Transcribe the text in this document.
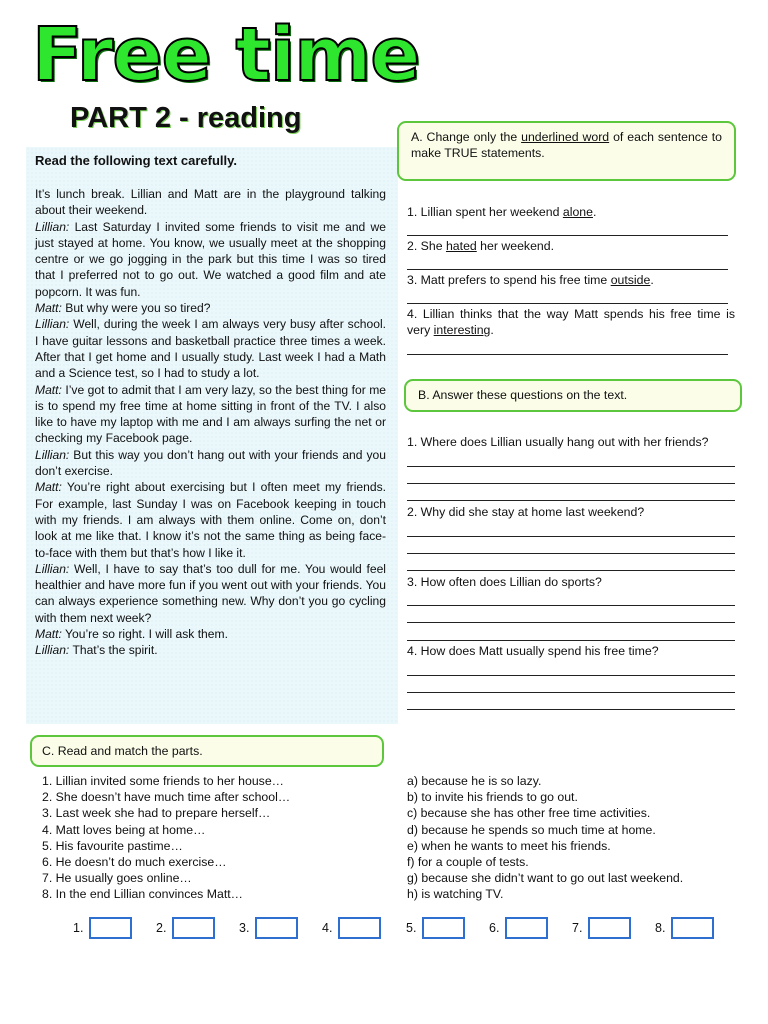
Free time
PART 2 - reading
Read the following text carefully.

It’s lunch break. Lillian and Matt are in the playground talking about their weekend.

Lillian: Last Saturday I invited some friends to visit me and we just stayed at home. You know, we usually meet at the shopping centre or we go jogging in the park but this time I was so tired that I preferred not to go out. We watched a good film and ate popcorn. It was fun.

Matt: But why were you so tired?

Lillian: Well, during the week I am always very busy after school. I have guitar lessons and basketball practice three times a week. After that I get home and I usually study. Last week I had a Math and a Science test, so I had to study a lot.

Matt: I’ve got to admit that I am very lazy, so the best thing for me is to spend my free time at home sitting in front of the TV. I also like to have my laptop with me and I am always surfing the net or checking my Facebook page.

Lillian: But this way you don’t hang out with your friends and you don’t exercise.

Matt: You’re right about exercising but I often meet my friends. For example, last Sunday I was on Facebook keeping in touch with my friends. I am always with them online. Come on, don’t look at me like that. I know it’s not the same thing as being face-to-face with them but that’s how I like it.

Lillian: Well, I have to say that’s too dull for me. You would feel healthier and have more fun if you went out with your friends. You can always experience something new. Why don’t you go cycling with them next week?

Matt: You’re so right. I will ask them.

Lillian: That’s the spirit.

A. Change only the underlined word of each sentence to make TRUE statements.
1. Lillian spent her weekend alone.
2. She hated her weekend.
3. Matt prefers to spend his free time outside.
4. Lillian thinks that the way Matt spends his free time is very interesting.
B. Answer these questions on the text.
1. Where does Lillian usually hang out with her friends?
2. Why did she stay at home last weekend?
3. How often does Lillian do sports?
4. How does Matt usually spend his free time?
C. Read and match the parts.
1. Lillian invited some friends to her house…
2. She doesn’t have much time after school…
3. Last week she had to prepare herself…
4. Matt loves being at home…
5. His favourite pastime…
6. He doesn’t do much exercise…
7. He usually goes online…
8. In the end Lillian convinces Matt…
a) because he is so lazy.
b) to invite his friends to go out.
c) because she has other free time activities.
d) because he spends so much time at home.
e) when he wants to meet his friends.
f) for a couple of tests.
g) because she didn’t want to go out last weekend.
h) is watching TV.
1.	2.	3.	4.	5.	6.	7.	8.
